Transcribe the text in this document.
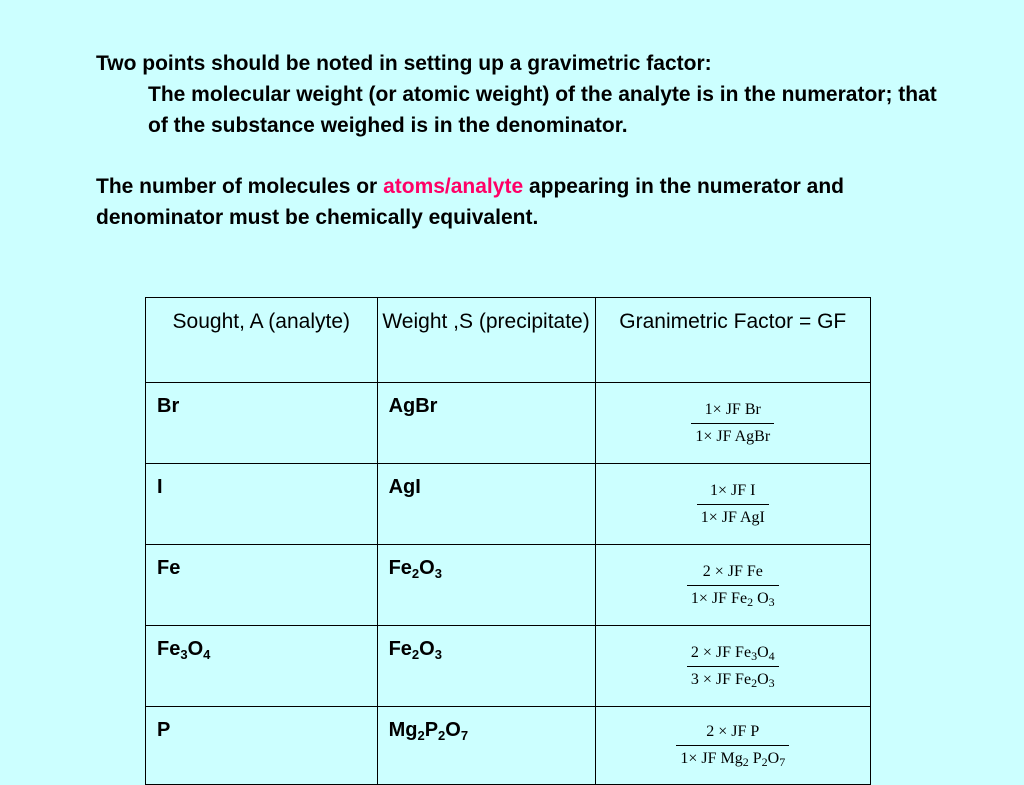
Two points should be noted in setting up a gravimetric factor:

The molecular weight (or atomic weight) of the analyte is in the numerator; that of the substance weighed is in the denominator.

The number of molecules or atoms/analyte appearing in the numerator and denominator must be chemically equivalent.

Sought, A (analyte)	Weight ,S (precipitate)	Granimetric Factor = GF
Br	AgBr	$\frac{\text{1× JF Br}}{\text{1× JF AgBr}}$

I	AgI	$\frac{\text{1× JF I}}{\text{1× JF AgI}}$

Fe	$Fe_2O_3$	$\frac{\text{2 × JF Fe}}{1\times JF Fe_2 O_3}$

$Fe_3O_4$	$Fe_2O_3$	$\frac{2 \times JF Fe_3O_4}{3 \times JF Fe_2O_3}$

P	$Mg_2P_2O_7$	$\frac{\text{2 × JF P}}{1\times JF Mg_2 P_2O_7}$
